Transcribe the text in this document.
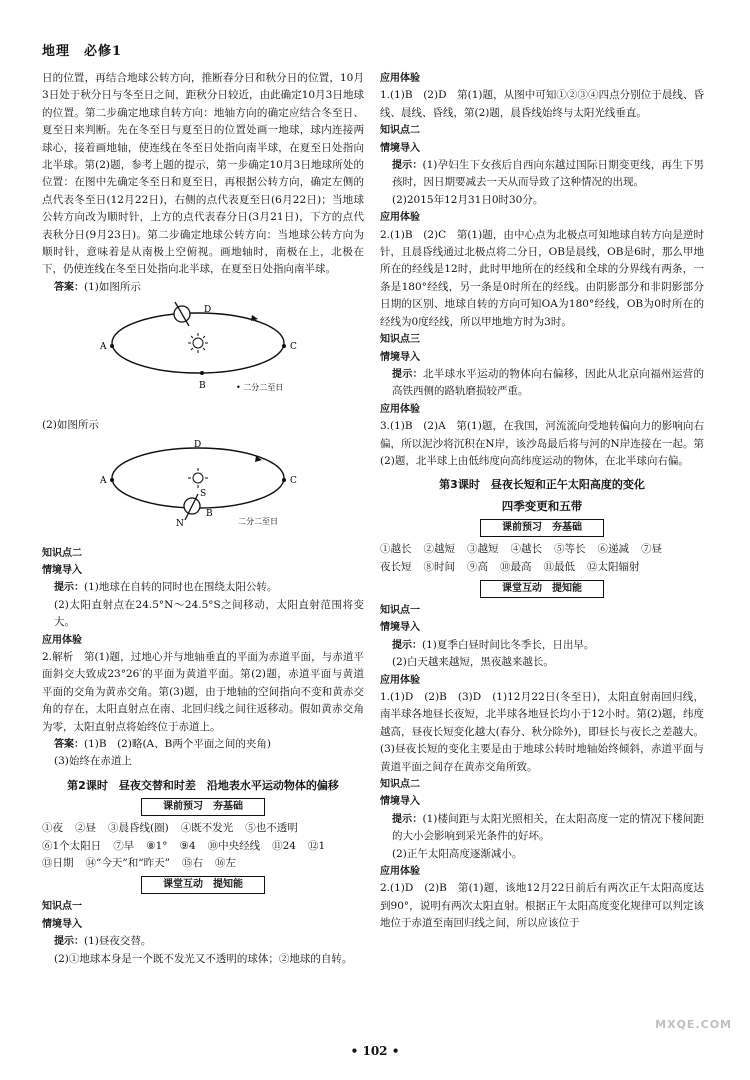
地理　必修1

日的位置，再结合地球公转方向，推断春分日和秋分日的位置，10月3日处于秋分日与冬至日之间，距秋分日较近，由此确定10月3日地球的位置。第二步确定地球自转方向：地轴方向的确定应结合冬至日、夏至日来判断。先在冬至日与夏至日的位置处画一地球，球内连接两球心，接着画地轴，使连线在冬至日处指向南半球，在夏至日处指向北半球。第(2)题，参考上题的提示，第一步确定10月3日地球所处的位置：在图中先确定冬至日和夏至日，再根据公转方向，确定左侧的点代表冬至日(12月22日)，右侧的点代表夏至日(6月22日)；当地球公转方向改为顺时针，上方的点代表春分日(3月21日)，下方的点代表秋分日(9月23日)。第二步确定地球公转方向：当地球公转方向为顺时针，意味着是从南极上空俯视。画地轴时，南极在上，北极在下，仍使连线在冬至日处指向北半球，在夏至日处指向南半球。

答案：(1)如图所示

D
A	C
B	• 二分二至日

(2)如图所示

D
A	C
B
S
N	二分二至日

知识点二

情境导入

提示：(1)地球在自转的同时也在围绕太阳公转。

(2)太阳直射点在24.5°N～24.5°S之间移动，太阳直射范围将变大。

应用体验

2.解析　第(1)题，过地心并与地轴垂直的平面为赤道平面，与赤道平面斜交大致成23°26′的平面为黄道平面。第(2)题，赤道平面与黄道平面的交角为黄赤交角。第(3)题，由于地轴的空间指向不变和黄赤交角的存在，太阳直射点在南、北回归线之间往返移动。假如黄赤交角为零，太阳直射点将始终位于赤道上。

答案：(1)B　(2)略(A、B两个平面之间的夹角)

(3)始终在赤道上

第2课时　昼夜交替和时差　沿地表水平运动物体的偏移
课前预习　夯基础
①夜 ②昼 ③晨昏线(圈) ④既不发光 ⑤也不透明
⑥1个太阳日 ⑦早 ⑧1° ⑨4 ⑩中央经线 ⑪24 ⑫1
⑬日期 ⑭“今天”和“昨天” ⑮右 ⑯左
课堂互动　提知能

知识点一

情境导入

提示：(1)昼夜交替。

(2)①地球本身是一个既不发光又不透明的球体；②地球的自转。

应用体验

1.(1)B　(2)D　第(1)题，从图中可知①②③④四点分别位于晨线、昏线、晨线、昏线，第(2)题，晨昏线始终与太阳光线垂直。

知识点二

情境导入

提示：(1)孕妇生下女孩后自西向东越过国际日期变更线，再生下男孩时，因日期要减去一天从而导致了这种情况的出现。

(2)2015年12月31日0时30分。

应用体验

2.(1)B　(2)C　第(1)题，由中心点为北极点可知地球自转方向是逆时针，且晨昏线通过北极点将二分日，OB是晨线，OB是6时，那么甲地所在的经线是12时，此时甲地所在的经线和全球的分界线有两条，一条是180°经线，另一条是0时所在的经线。由阴影部分和非阴影部分日期的区别、地球自转的方向可知OA为180°经线，OB为0时所在的经线为0度经线，所以甲地地方时为3时。

知识点三

情境导入

提示：北半球水平运动的物体向右偏移，因此从北京向福州运营的高铁西侧的路轨磨损较严重。

应用体验

3.(1)B　(2)A　第(1)题，在我国，河流流向受地转偏向力的影响向右偏，所以泥沙将沉积在N岸，该沙岛最后将与河的N岸连接在一起。第(2)题，北半球上由低纬度向高纬度运动的物体，在北半球向右偏。

第3课时　昼夜长短和正午太阳高度的变化
四季变更和五带
课前预习　夯基础
①越长 ②越短 ③越短 ④越长 ⑤等长 ⑥递减 ⑦昼
夜长短 ⑧时间 ⑨高 ⑩最高 ⑪最低 ⑫太阳辐射
课堂互动　提知能

知识点一

情境导入

提示：(1)夏季白昼时间比冬季长，日出早。

(2)白天越来越短，黑夜越来越长。

应用体验

1.(1)D　(2)B　(3)D　(1)12月22日(冬至日)，太阳直射南回归线，南半球各地昼长夜短，北半球各地昼长均小于12小时。第(2)题，纬度越高，昼夜长短变化越大(春分、秋分除外)，即昼长与夜长之差越大。(3)昼夜长短的变化主要是由于地球公转时地轴始终倾斜，赤道平面与黄道平面之间存在黄赤交角所致。

知识点二

情境导入

提示：(1)楼间距与太阳光照相关，在太阳高度一定的情况下楼间距的大小会影响到采光条件的好坏。

(2)正午太阳高度逐渐减小。

应用体验

2.(1)D　(2)B　第(1)题，该地12月22日前后有两次正午太阳高度达到90°，说明有两次太阳直射。根据正午太阳高度变化规律可以判定该地位于赤道至南回归线之间，所以应该位于

• 102 •
MXQE.COM
